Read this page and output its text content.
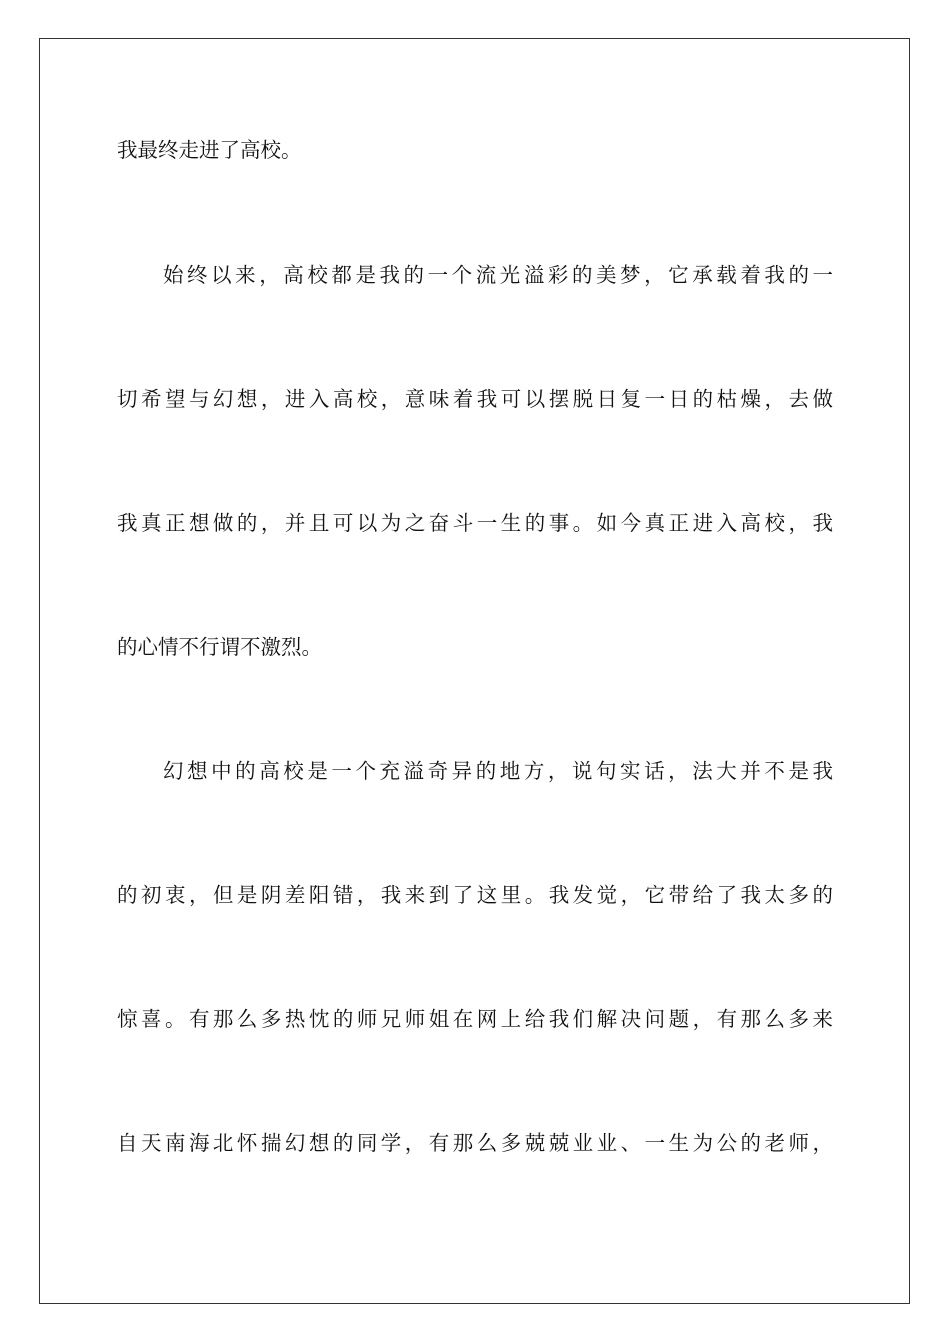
我最终走进了高校。

始终以来，高校都是我的一个流光溢彩的美梦，它承载着我的一

切希望与幻想，进入高校，意味着我可以摆脱日复一日的枯燥，去做

我真正想做的，并且可以为之奋斗一生的事。如今真正进入高校，我

的心情不行谓不激烈。

幻想中的高校是一个充溢奇异的地方，说句实话，法大并不是我

的初衷，但是阴差阳错，我来到了这里。我发觉，它带给了我太多的

惊喜。有那么多热忱的师兄师姐在网上给我们解决问题，有那么多来

自天南海北怀揣幻想的同学，有那么多兢兢业业、一生为公的老师，
